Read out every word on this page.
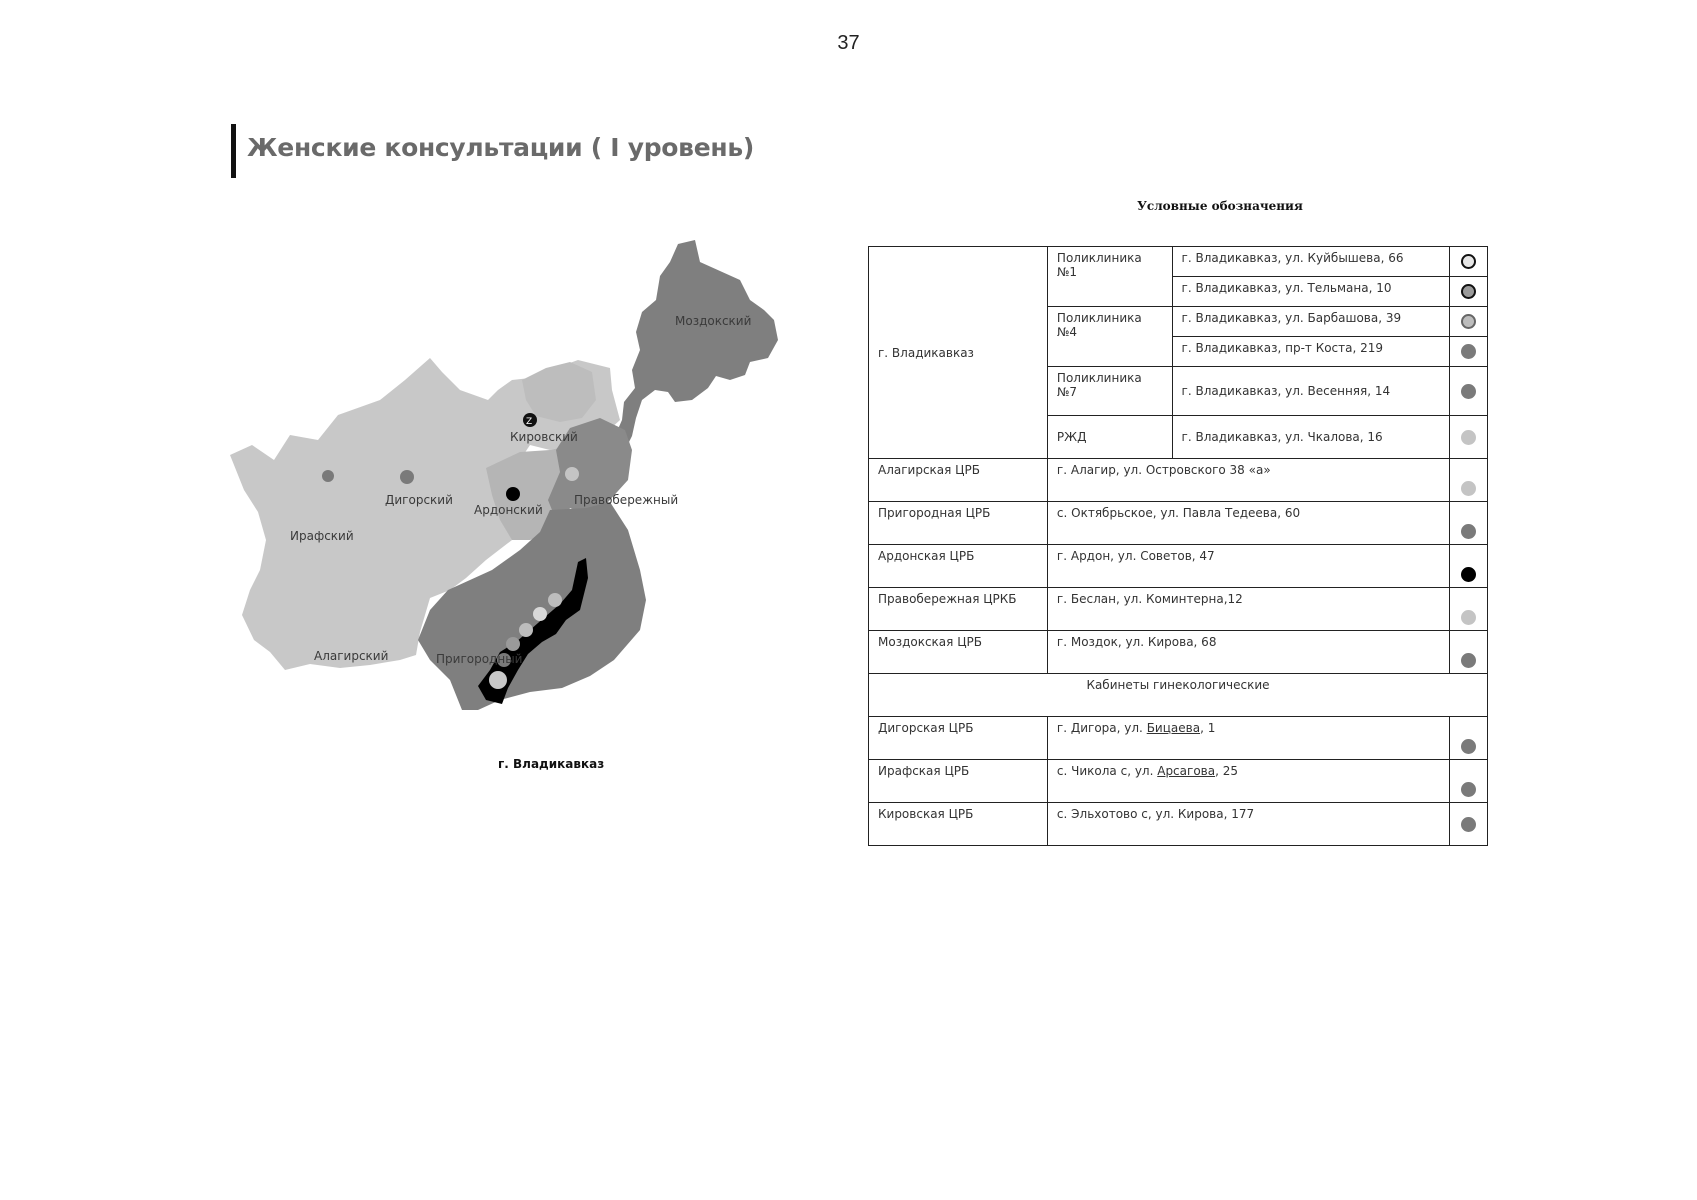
37
Женские консультации ( I уровень)
Z
Моздокский
Кировский
Дигорский
Ардонский
Правобережный
Ирафский
Алагирский	Пригородный
г. Владикавказ
Условные обозначения
г. Владикавказ	Поликлиника №1	г. Владикавказ, ул. Куйбышева, 66	
		г. Владикавказ, ул. Тельмана, 10	
	Поликлиника №4	г. Владикавказ, ул. Барбашова, 39	
		г. Владикавказ, пр-т Коста, 219	
	Поликлиника №7	г. Владикавказ, ул. Весенняя, 14	
	РЖД	г. Владикавказ, ул. Чкалова, 16	
Алагирская ЦРБ	г. Алагир, ул. Островского 38 «а»		
Пригородная ЦРБ	с. Октябрьское, ул. Павла Тедеева, 60		
Ардонская ЦРБ	г. Ардон, ул. Советов, 47		
Правобережная ЦРКБ	г. Беслан, ул. Коминтерна,12		
Моздокская ЦРБ	г. Моздок, ул. Кирова, 68		
Кабинеты гинекологические			
Дигорская ЦРБ	г. Дигора, ул. Бицаева, 1		
Ирафская ЦРБ	с. Чикола с, ул. Арсагова, 25		
Кировская ЦРБ	с. Эльхотово с, ул. Кирова, 177		
